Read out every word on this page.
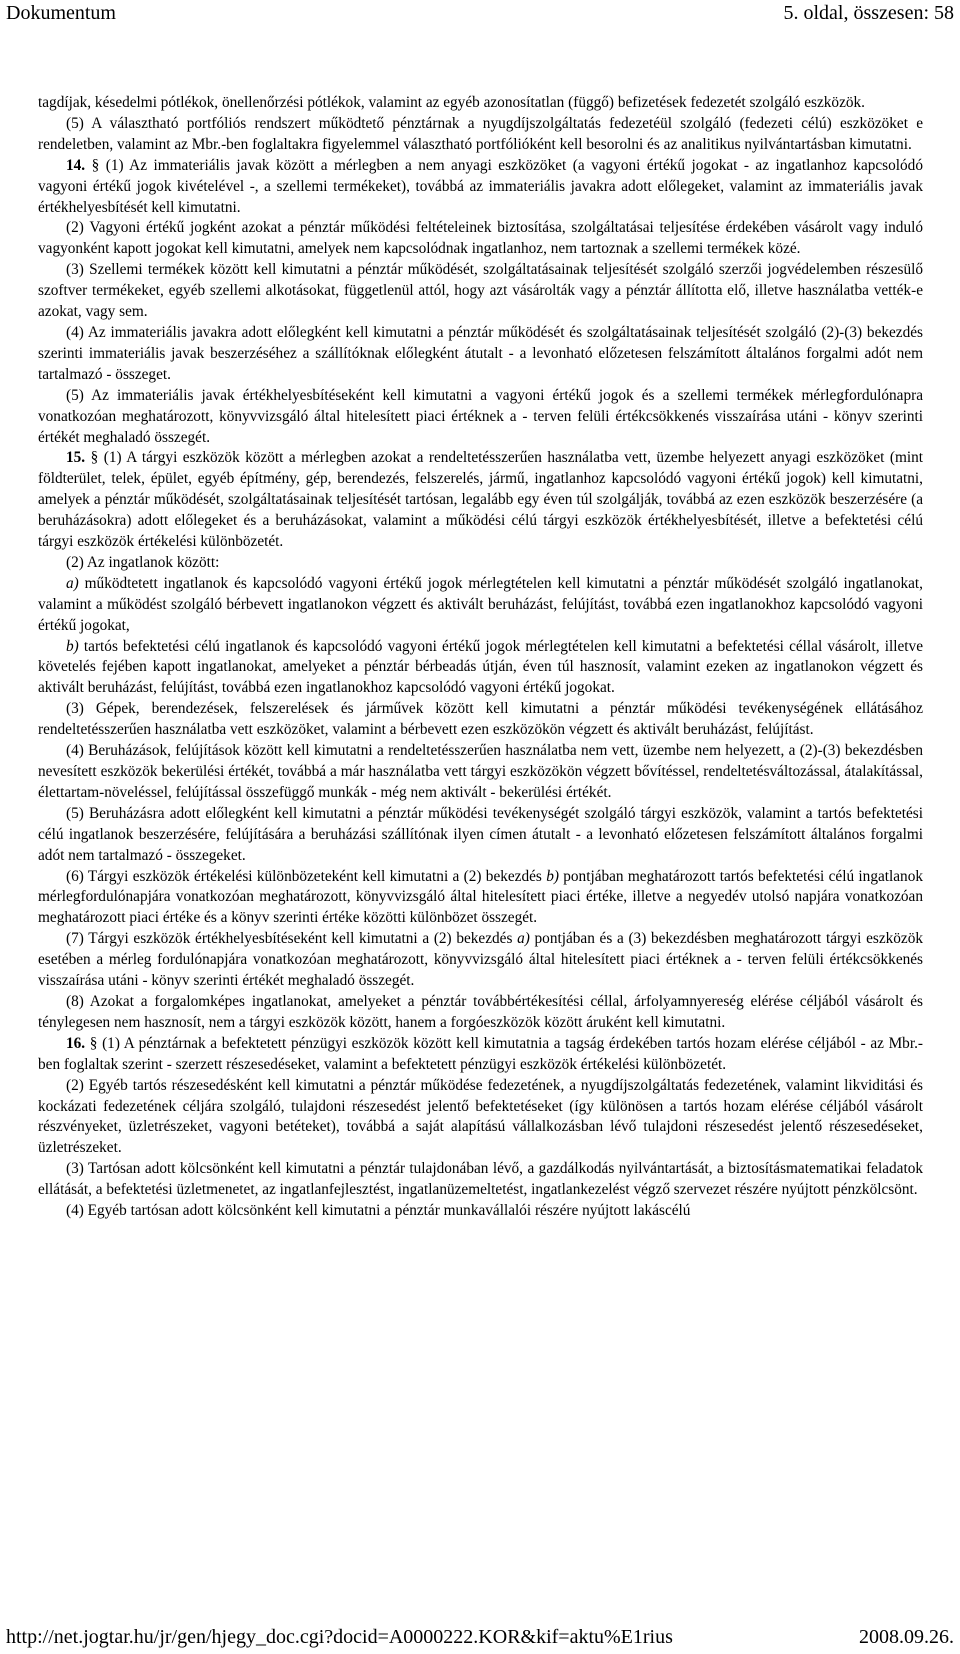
Dokumentum	5. oldal, összesen: 58

tagdíjak, késedelmi pótlékok, önellenőrzési pótlékok, valamint az egyéb azonosítatlan (függő) befizetések fedezetét szolgáló eszközök.

(5) A választható portfóliós rendszert működtető pénztárnak a nyugdíjszolgáltatás fedezetéül szolgáló (fedezeti célú) eszközöket e rendeletben, valamint az Mbr.-ben foglaltakra figyelemmel választható portfólióként kell besorolni és az analitikus nyilvántartásban kimutatni.

14. § (1) Az immateriális javak között a mérlegben a nem anyagi eszközöket (a vagyoni értékű jogokat - az ingatlanhoz kapcsolódó vagyoni értékű jogok kivételével -, a szellemi termékeket), továbbá az immateriális javakra adott előlegeket, valamint az immateriális javak értékhelyesbítését kell kimutatni.

(2) Vagyoni értékű jogként azokat a pénztár működési feltételeinek biztosítása, szolgáltatásai teljesítése érdekében vásárolt vagy induló vagyonként kapott jogokat kell kimutatni, amelyek nem kapcsolódnak ingatlanhoz, nem tartoznak a szellemi termékek közé.

(3) Szellemi termékek között kell kimutatni a pénztár működését, szolgáltatásainak teljesítését szolgáló szerzői jogvédelemben részesülő szoftver termékeket, egyéb szellemi alkotásokat, függetlenül attól, hogy azt vásárolták vagy a pénztár állította elő, illetve használatba vették-e azokat, vagy sem.

(4) Az immateriális javakra adott előlegként kell kimutatni a pénztár működését és szolgáltatásainak teljesítését szolgáló (2)-(3) bekezdés szerinti immateriális javak beszerzéséhez a szállítóknak előlegként átutalt - a levonható előzetesen felszámított általános forgalmi adót nem tartalmazó - összeget.

(5) Az immateriális javak értékhelyesbítéseként kell kimutatni a vagyoni értékű jogok és a szellemi termékek mérlegfordulónapra vonatkozóan meghatározott, könyvvizsgáló által hitelesített piaci értéknek a - terven felüli értékcsökkenés visszaírása utáni - könyv szerinti értékét meghaladó összegét.

15. § (1) A tárgyi eszközök között a mérlegben azokat a rendeltetésszerűen használatba vett, üzembe helyezett anyagi eszközöket (mint földterület, telek, épület, egyéb építmény, gép, berendezés, felszerelés, jármű, ingatlanhoz kapcsolódó vagyoni értékű jogok) kell kimutatni, amelyek a pénztár működését, szolgáltatásainak teljesítését tartósan, legalább egy éven túl szolgálják, továbbá az ezen eszközök beszerzésére (a beruházásokra) adott előlegeket és a beruházásokat, valamint a működési célú tárgyi eszközök értékhelyesbítését, illetve a befektetési célú tárgyi eszközök értékelési különbözetét.

(2) Az ingatlanok között:

a) működtetett ingatlanok és kapcsolódó vagyoni értékű jogok mérlegtételen kell kimutatni a pénztár működését szolgáló ingatlanokat, valamint a működést szolgáló bérbevett ingatlanokon végzett és aktivált beruházást, felújítást, továbbá ezen ingatlanokhoz kapcsolódó vagyoni értékű jogokat,

b) tartós befektetési célú ingatlanok és kapcsolódó vagyoni értékű jogok mérlegtételen kell kimutatni a befektetési céllal vásárolt, illetve követelés fejében kapott ingatlanokat, amelyeket a pénztár bérbeadás útján, éven túl hasznosít, valamint ezeken az ingatlanokon végzett és aktivált beruházást, felújítást, továbbá ezen ingatlanokhoz kapcsolódó vagyoni értékű jogokat.

(3) Gépek, berendezések, felszerelések és járművek között kell kimutatni a pénztár működési tevékenységének ellátásához rendeltetésszerűen használatba vett eszközöket, valamint a bérbevett ezen eszközökön végzett és aktivált beruházást, felújítást.

(4) Beruházások, felújítások között kell kimutatni a rendeltetésszerűen használatba nem vett, üzembe nem helyezett, a (2)-(3) bekezdésben nevesített eszközök bekerülési értékét, továbbá a már használatba vett tárgyi eszközökön végzett bővítéssel, rendeltetésváltozással, átalakítással, élettartam-növeléssel, felújítással összefüggő munkák - még nem aktivált - bekerülési értékét.

(5) Beruházásra adott előlegként kell kimutatni a pénztár működési tevékenységét szolgáló tárgyi eszközök, valamint a tartós befektetési célú ingatlanok beszerzésére, felújítására a beruházási szállítónak ilyen címen átutalt - a levonható előzetesen felszámított általános forgalmi adót nem tartalmazó - összegeket.

(6) Tárgyi eszközök értékelési különbözeteként kell kimutatni a (2) bekezdés b) pontjában meghatározott tartós befektetési célú ingatlanok mérlegfordulónapjára vonatkozóan meghatározott, könyvvizsgáló által hitelesített piaci értéke, illetve a negyedév utolsó napjára vonatkozóan meghatározott piaci értéke és a könyv szerinti értéke közötti különbözet összegét.

(7) Tárgyi eszközök értékhelyesbítéseként kell kimutatni a (2) bekezdés a) pontjában és a (3) bekezdésben meghatározott tárgyi eszközök esetében a mérleg fordulónapjára vonatkozóan meghatározott, könyvvizsgáló által hitelesített piaci értéknek a - terven felüli értékcsökkenés visszaírása utáni - könyv szerinti értékét meghaladó összegét.

(8) Azokat a forgalomképes ingatlanokat, amelyeket a pénztár továbbértékesítési céllal, árfolyamnyereség elérése céljából vásárolt és ténylegesen nem hasznosít, nem a tárgyi eszközök között, hanem a forgóeszközök között áruként kell kimutatni.

16. § (1) A pénztárnak a befektetett pénzügyi eszközök között kell kimutatnia a tagság érdekében tartós hozam elérése céljából - az Mbr.-ben foglaltak szerint - szerzett részesedéseket, valamint a befektetett pénzügyi eszközök értékelési különbözetét.

(2) Egyéb tartós részesedésként kell kimutatni a pénztár működése fedezetének, a nyugdíjszolgáltatás fedezetének, valamint likviditási és kockázati fedezetének céljára szolgáló, tulajdoni részesedést jelentő befektetéseket (így különösen a tartós hozam elérése céljából vásárolt részvényeket, üzletrészeket, vagyoni betéteket), továbbá a saját alapítású vállalkozásban lévő tulajdoni részesedést jelentő részesedéseket, üzletrészeket.

(3) Tartósan adott kölcsönként kell kimutatni a pénztár tulajdonában lévő, a gazdálkodás nyilvántartását, a biztosításmatematikai feladatok ellátását, a befektetési üzletmenetet, az ingatlanfejlesztést, ingatlanüzemeltetést, ingatlankezelést végző szervezet részére nyújtott pénzkölcsönt.

(4) Egyéb tartósan adott kölcsönként kell kimutatni a pénztár munkavállalói részére nyújtott lakáscélú

http://net.jogtar.hu/jr/gen/hjegy_doc.cgi?docid=A0000222.KOR&kif=aktu%E1rius	2008.09.26.
